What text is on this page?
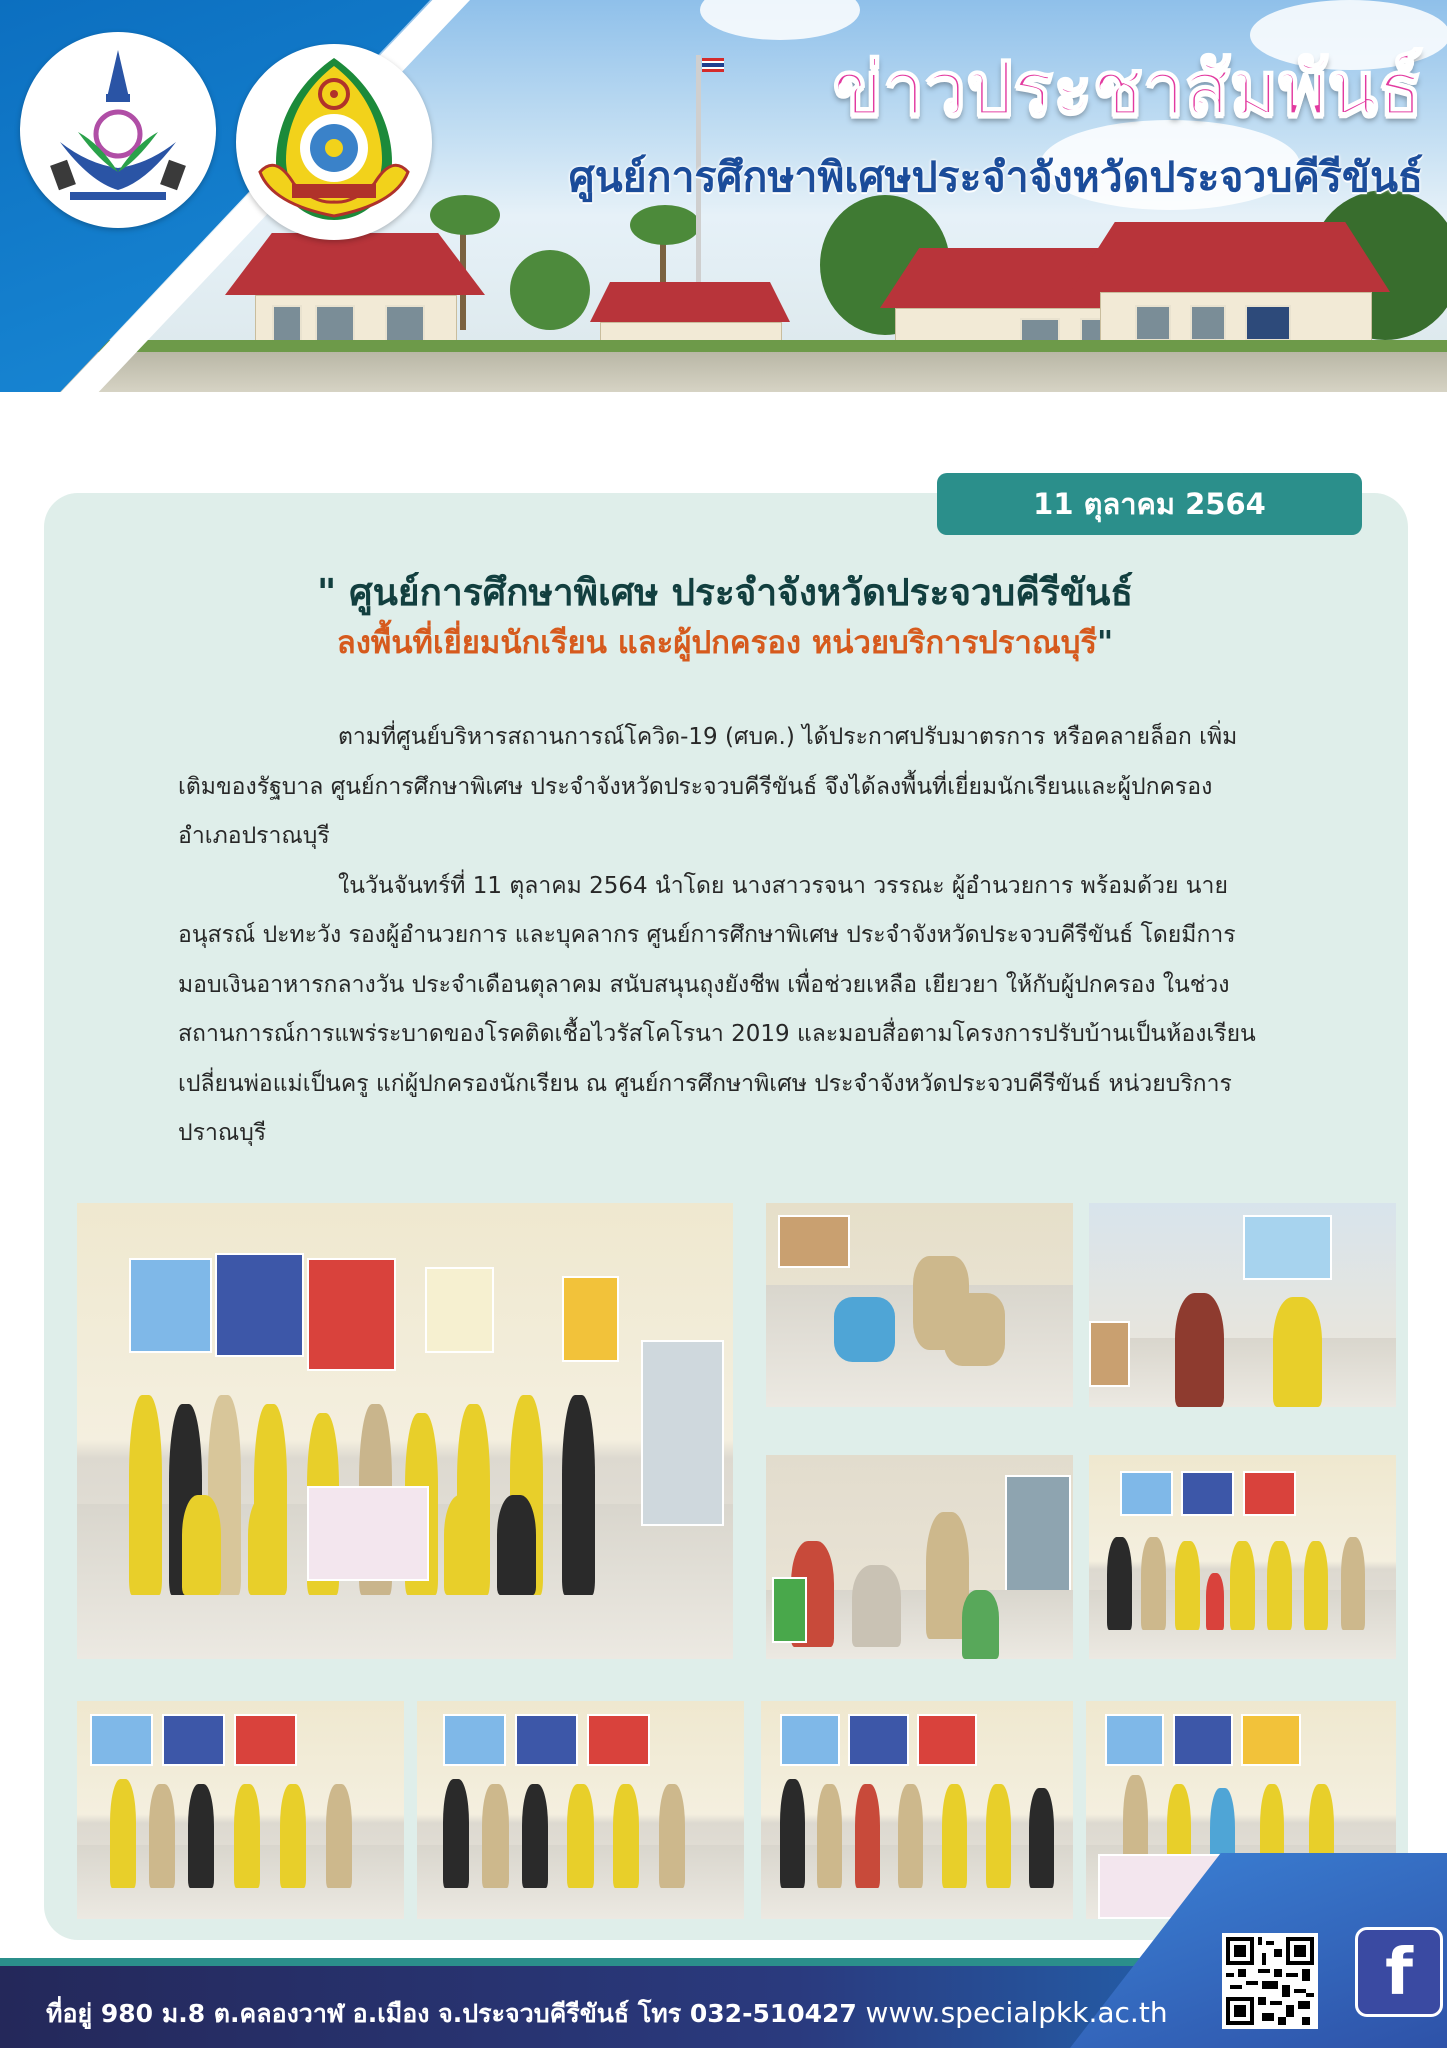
ข่าวประชาสัมพันธ์
ศูนย์การศึกษาพิเศษประจำจังหวัดประจวบคีรีขันธ์
11 ตุลาคม 2564
" ศูนย์การศึกษาพิเศษ ประจำจังหวัดประจวบคีรีขันธ์
ลงพื้นที่เยี่ยมนักเรียน และผู้ปกครอง หน่วยบริการปราณบุรี"

ตามที่ศูนย์บริหารสถานการณ์โควิด-19 (ศบค.) ได้ประกาศปรับมาตรการ หรือคลายล็อก เพิ่มเติมของรัฐบาล ศูนย์การศึกษาพิเศษ ประจำจังหวัดประจวบคีรีขันธ์ จึงได้ลงพื้นที่เยี่ยมนักเรียนและผู้ปกครอง อำเภอปราณบุรี

ในวันจันทร์ที่ 11 ตุลาคม 2564 นำโดย นางสาวรจนา วรรณะ ผู้อำนวยการ พร้อมด้วย นายอนุสรณ์ ปะทะวัง รองผู้อำนวยการ และบุคลากร ศูนย์การศึกษาพิเศษ ประจำจังหวัดประจวบคีรีขันธ์ โดยมีการมอบเงินอาหารกลางวัน ประจำเดือนตุลาคม สนับสนุนถุงยังชีพ เพื่อช่วยเหลือ เยียวยา ให้กับผู้ปกครอง ในช่วงสถานการณ์การแพร่ระบาดของโรคติดเชื้อไวรัสโคโรนา 2019 และมอบสื่อตามโครงการปรับบ้านเป็นห้องเรียน เปลี่ยนพ่อแม่เป็นครู แก่ผู้ปกครองนักเรียน ณ ศูนย์การศึกษาพิเศษ ประจำจังหวัดประจวบคีรีขันธ์ หน่วยบริการปราณบุรี

ที่อยู่ 980 ม.8 ต.คลองวาฬ อ.เมือง จ.ประจวบคีรีขันธ์ โทร 032-510427 www.specialpkk.ac.th

f
